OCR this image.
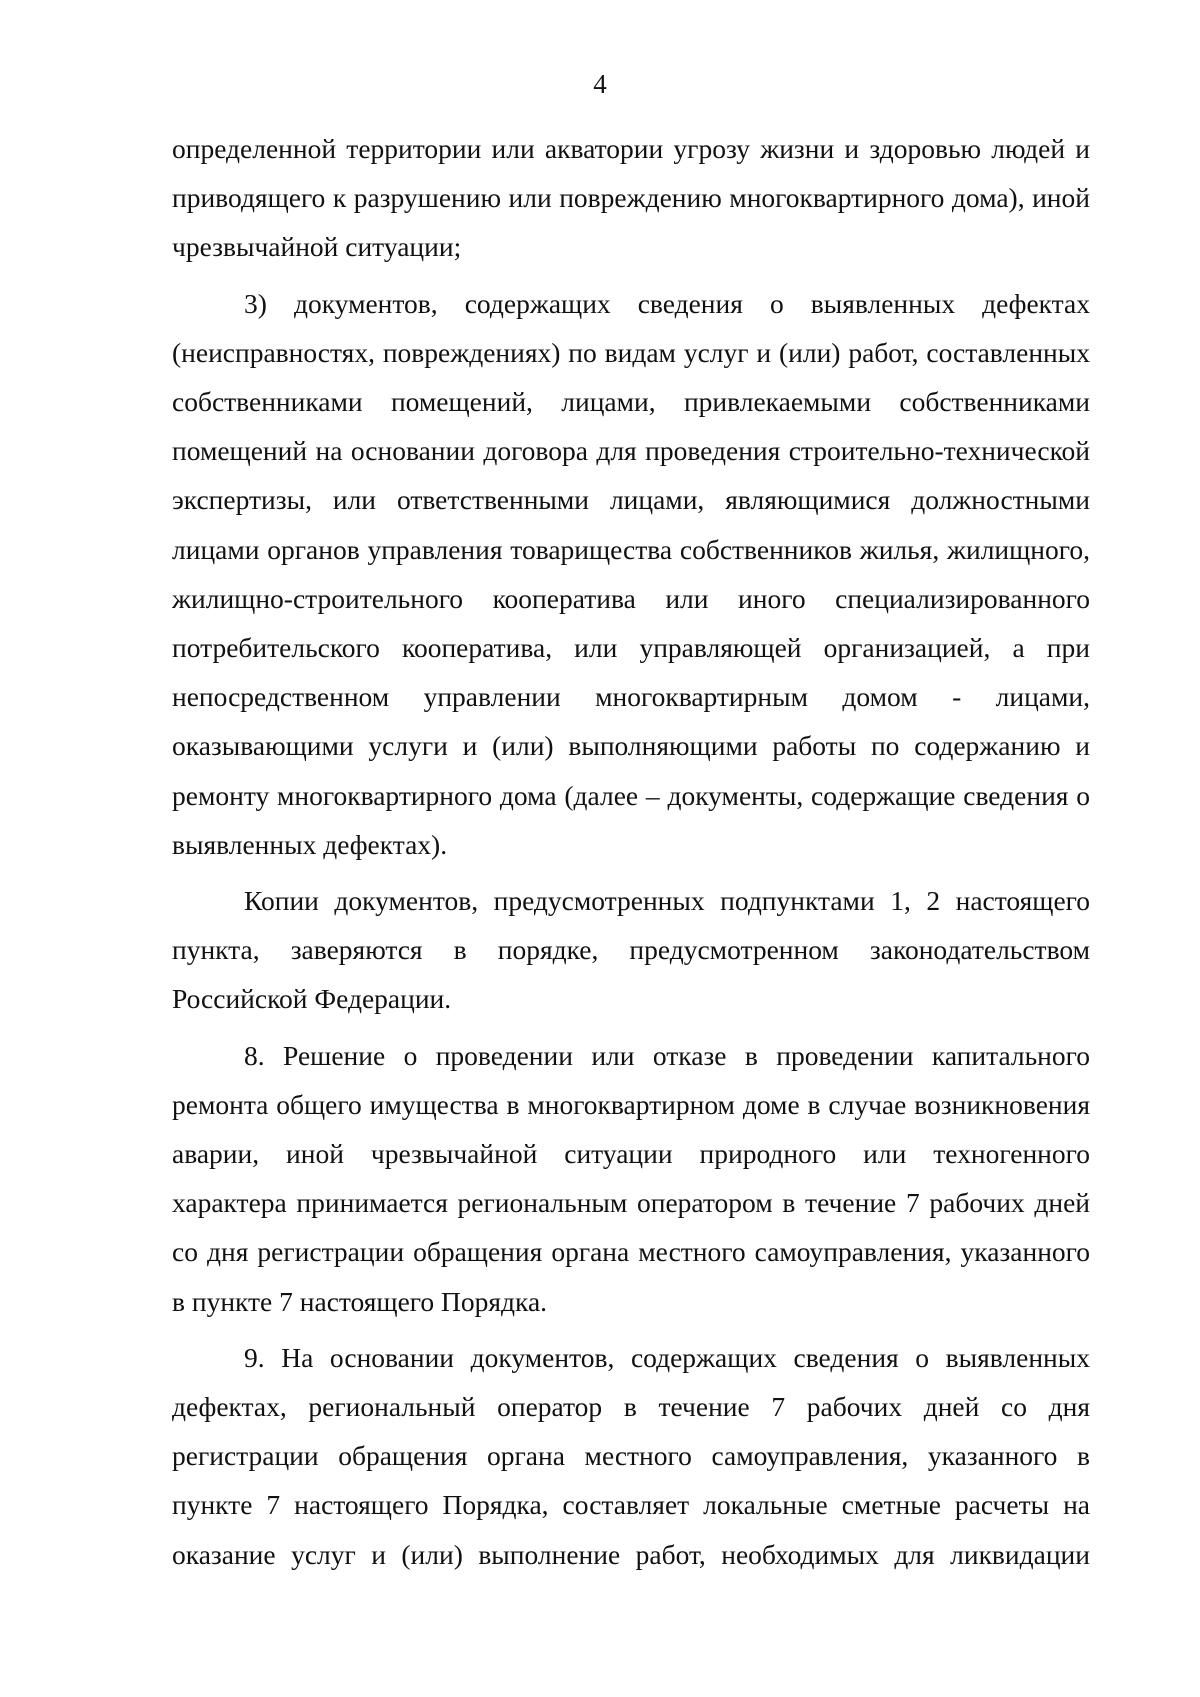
4

определенной территории или акватории угрозу жизни и здоровью людей и приводящего к разрушению или повреждению многоквартирного дома), иной чрезвычайной ситуации;

3) документов, содержащих сведения о выявленных дефектах (неисправностях, повреждениях) по видам услуг и (или) работ, составленных собственниками помещений, лицами, привлекаемыми собственниками помещений на основании договора для проведения строительно-технической экспертизы, или ответственными лицами, являющимися должностными лицами органов управления товарищества собственников жилья, жилищного, жилищно-строительного кооператива или иного специализированного потребительского кооператива, или управляющей организацией, а при непосредственном управлении многоквартирным домом - лицами, оказывающими услуги и (или) выполняющими работы по содержанию и ремонту многоквартирного дома (далее – документы, содержащие сведения о выявленных дефектах).

Копии документов, предусмотренных подпунктами 1, 2 настоящего пункта, заверяются в порядке, предусмотренном законодательством Российской Федерации.

8. Решение о проведении или отказе в проведении капитального ремонта общего имущества в многоквартирном доме в случае возникновения аварии, иной чрезвычайной ситуации природного или техногенного характера принимается региональным оператором в течение 7 рабочих дней со дня регистрации обращения органа местного самоуправления, указанного в пункте 7 настоящего Порядка.

9. На основании документов, содержащих сведения о выявленных дефектах, региональный оператор в течение 7 рабочих дней со дня регистрации обращения органа местного самоуправления, указанного в пункте 7 настоящего Порядка, составляет локальные сметные расчеты на оказание услуг и (или) выполнение работ, необходимых для ликвидации
